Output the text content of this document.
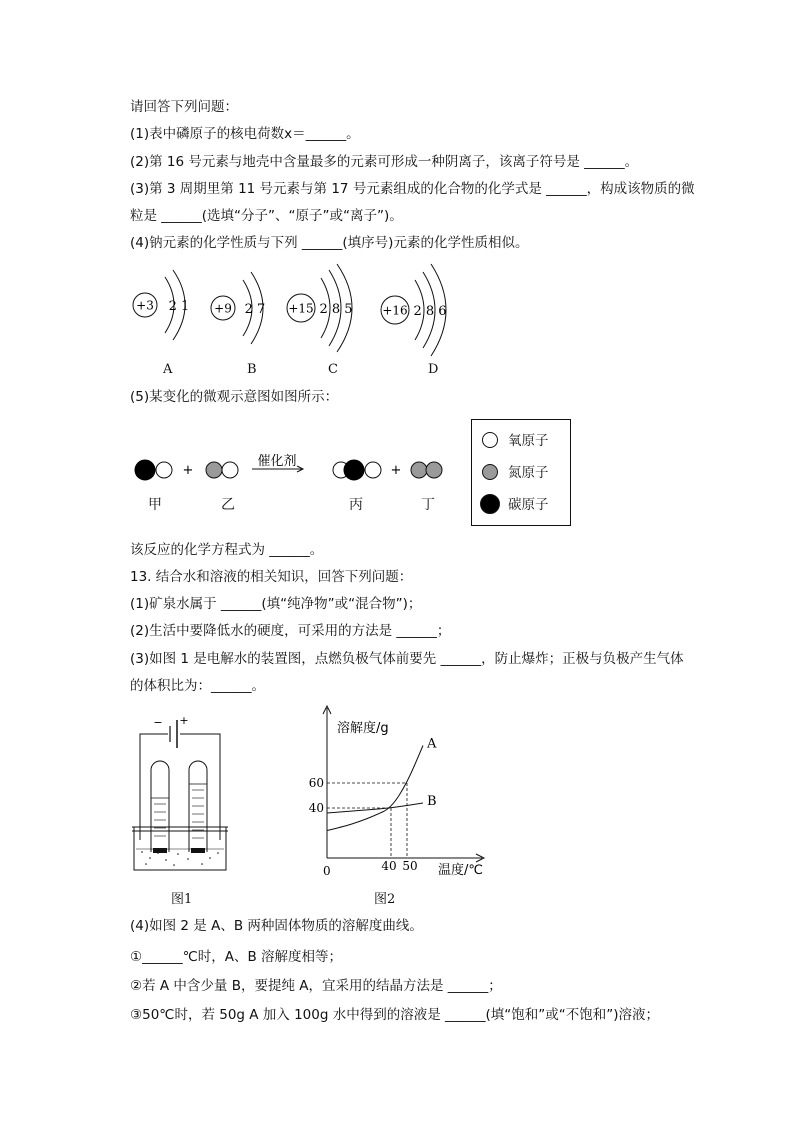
请回答下列问题：
(1)表中磷原子的核电荷数x＝______。
(2)第 16 号元素与地壳中含量最多的元素可形成一种阴离子，该离子符号是 ______。
(3)第 3 周期里第 11 号元素与第 17 号元素组成的化合物的化学式是 ______，构成该物质的微
粒是 ______(选填“分子”、“原子”或“离子”)。
(4)钠元素的化学性质与下列 ______(填序号)元素的化学性质相似。
+3 2 1 +9 2 7 +15 2 8 5 +16 2 8 6
A	B	C	D
(5)某变化的微观示意图如图所示：
+
催化剂
+
甲	乙	丙	丁
氧原子
氮原子
碳原子
该反应的化学方程式为 ______。
13. 结合水和溶液的相关知识，回答下列问题：
(1)矿泉水属于 ______(填“纯净物”或“混合物”)；
(2)生活中要降低水的硬度，可采用的方法是 ______；
(3)如图 1 是电解水的装置图，点燃负极气体前要先 ______，防止爆炸；正极与负极产生气体
的体积比为：______。
− +
图1
溶解度/g
温度/℃
0
A
B
60
40
40 50
图2
(4)如图 2 是 A、B 两种固体物质的溶解度曲线。
①______℃时，A、B 溶解度相等；
②若 A 中含少量 B，要提纯 A，宜采用的结晶方法是 ______；
③50℃时，若 50g A 加入 100g 水中得到的溶液是 ______(填“饱和”或“不饱和”)溶液；
